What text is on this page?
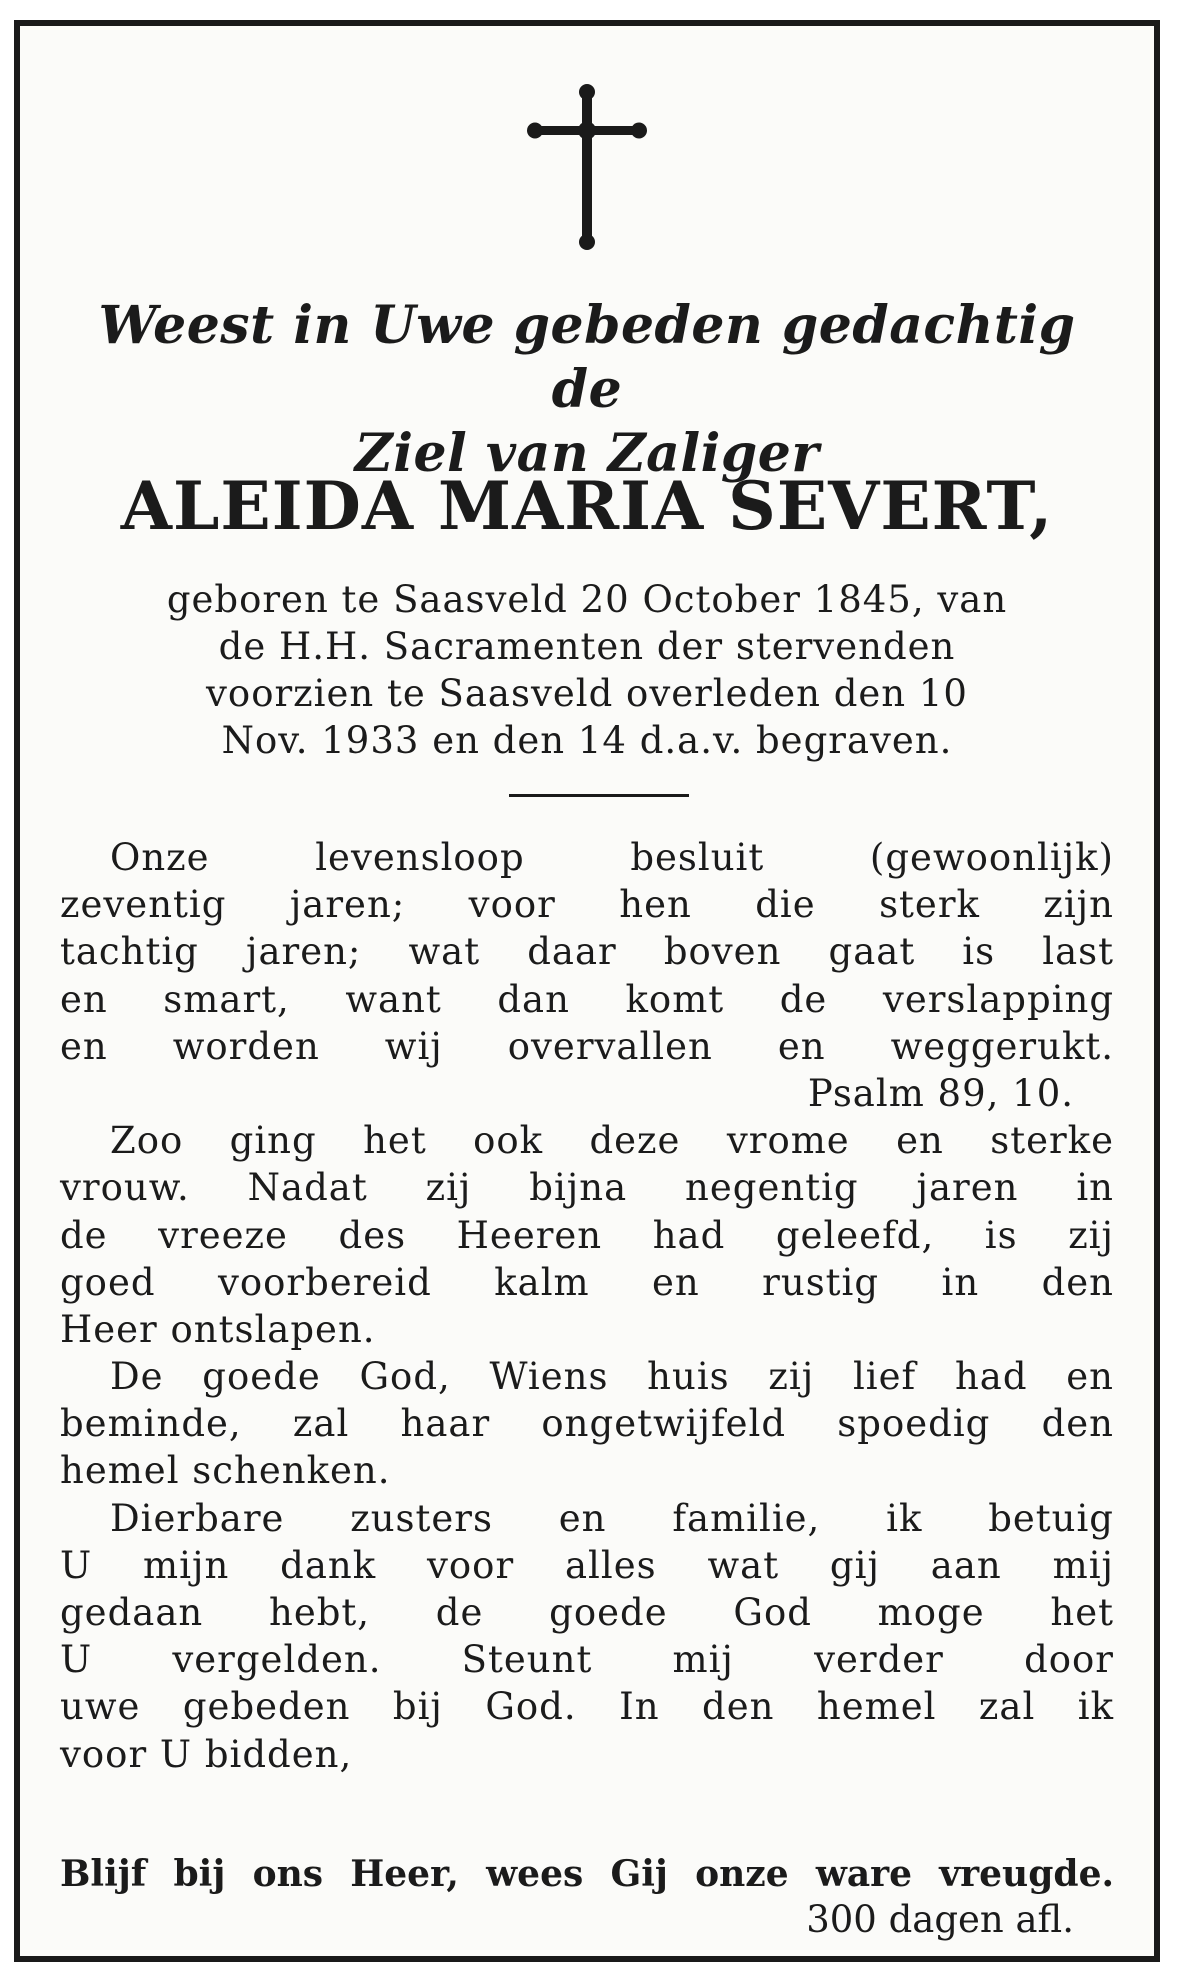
Weest in Uwe gebeden gedachtig de
Ziel van Zaliger
ALEIDA MARIA SEVERT,
geboren te Saasveld 20 October 1845, van
de H.H. Sacramenten der stervenden
voorzien te Saasveld overleden den 10
Nov. 1933 en den 14 d.a.v. begraven.
Onze levensloop besluit (gewoonlijk)
zeventig jaren; voor hen die sterk zijn
tachtig jaren; wat daar boven gaat is last
en smart, want dan komt de verslapping
en worden wij overvallen en weggerukt.
Psalm 89, 10.
Zoo ging het ook deze vrome en sterke
vrouw. Nadat zij bijna negentig jaren in
de vreeze des Heeren had geleefd, is zij
goed voorbereid kalm en rustig in den
Heer ontslapen.
De goede God, Wiens huis zij lief had en
beminde, zal haar ongetwijfeld spoedig den
hemel schenken.
Dierbare zusters en familie, ik betuig
U mijn dank voor alles wat gij aan mij
gedaan hebt, de goede God moge het
U vergelden. Steunt mij verder door
uwe gebeden bij God. In den hemel zal ik
voor U bidden,
Blijf bij ons Heer, wees Gij onze ware vreugde.
300 dagen afl.
